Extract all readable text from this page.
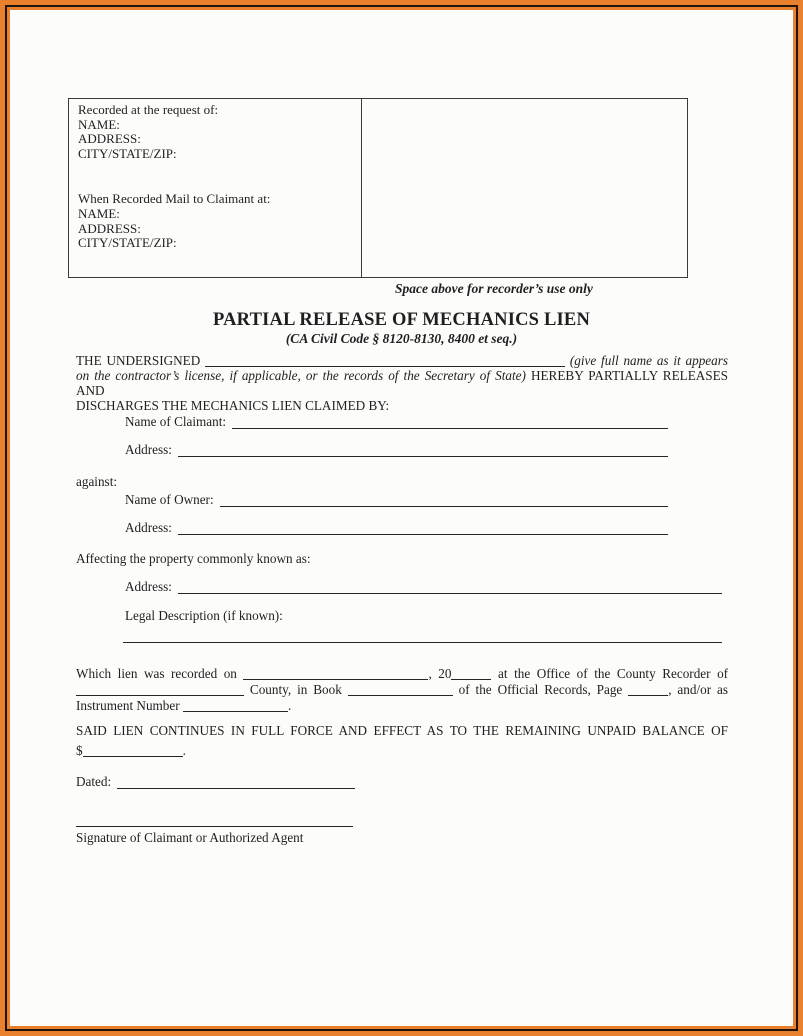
Recorded at the request of:
NAME:
ADDRESS:
CITY/STATE/ZIP:
When Recorded Mail to Claimant at:
NAME:
ADDRESS:
CITY/STATE/ZIP:
Space above for recorder’s use only
PARTIAL RELEASE OF MECHANICS LIEN
(CA Civil Code § 8120-8130, 8400 et seq.)
THE UNDERSIGNED	(give full name as it appears
on the contractor’s license, if applicable, or the records of the Secretary of State) HEREBY PARTIALLY RELEASES AND
DISCHARGES THE MECHANICS LIEN CLAIMED BY:
Name of Claimant:
Address:
against:
Name of Owner:
Address:
Affecting the property commonly known as:
Address:
Legal Description (if known):
Which lien was recorded on	, 20	at the Office of the County Recorder of
County, in Book	of the Official Records, Page	, and/or as
Instrument Number	.
SAID LIEN CONTINUES IN FULL FORCE AND EFFECT AS TO THE REMAINING UNPAID BALANCE OF
$	.
Dated:
Signature of Claimant or Authorized Agent
